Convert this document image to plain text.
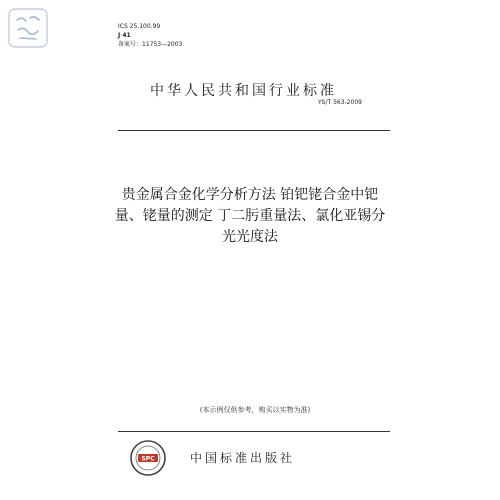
ICS 25.100.99
J 41
备案号：11753—2003
中华人民共和国行业标准
YS/T 563-2009
贵金属合金化学分析方法 铂钯铑合金中钯
量、铑量的测定 丁二肟重量法、氯化亚锡分
光光度法
(本示例仅供参考，购买以实物为准)
SPC	中国标准出版社
